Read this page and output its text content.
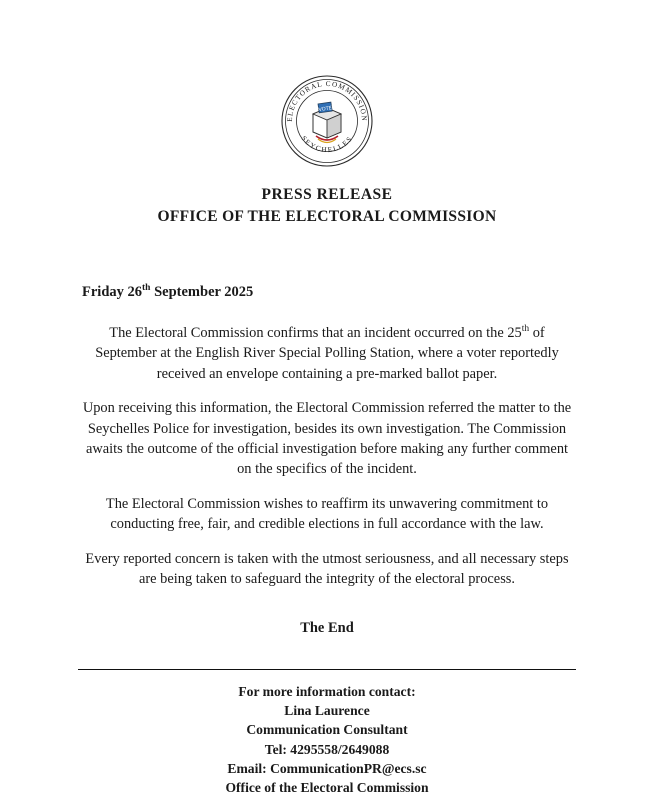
ELECTORAL COMMISSION
SEYCHELLES
VOTE
PRESS RELEASE
OFFICE OF THE ELECTORAL COMMISSION
Friday 26th September 2025

The Electoral Commission confirms that an incident occurred on the 25th of September at the English River Special Polling Station, where a voter reportedly received an envelope containing a pre-marked ballot paper.

Upon receiving this information, the Electoral Commission referred the matter to the Seychelles Police for investigation, besides its own investigation. The Commission awaits the outcome of the official investigation before making any further comment on the specifics of the incident.

The Electoral Commission wishes to reaffirm its unwavering commitment to conducting free, fair, and credible elections in full accordance with the law.

Every reported concern is taken with the utmost seriousness, and all necessary steps are being taken to safeguard the integrity of the electoral process.

The End
For more information contact:
Lina Laurence
Communication Consultant
Tel: 4295558/2649088
Email: CommunicationPR@ecs.sc
Office of the Electoral Commission
